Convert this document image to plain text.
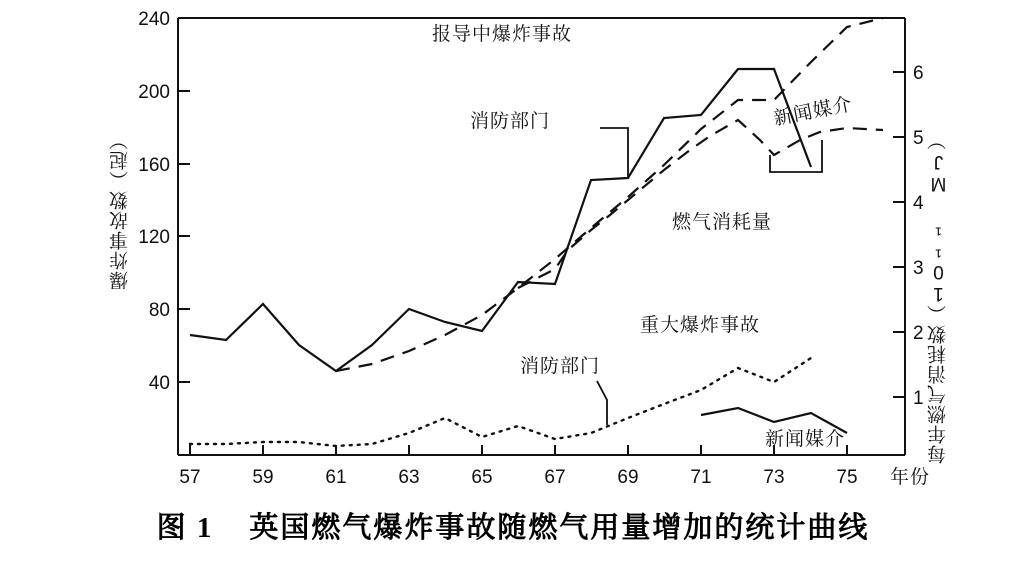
40
80
120
160
200
240
1
2
3
4
5
6
57	59	61	63	65	67	69	71	73	75
报导中爆炸事故
消防部门	新闻媒介
燃气消耗量
重大爆炸事故
消防部门
新闻媒介
爆炸事故数（起）	每年燃气消耗数（10¹¹ MJ）
年份
图 1 英国燃气爆炸事故随燃气用量增加的统计曲线
